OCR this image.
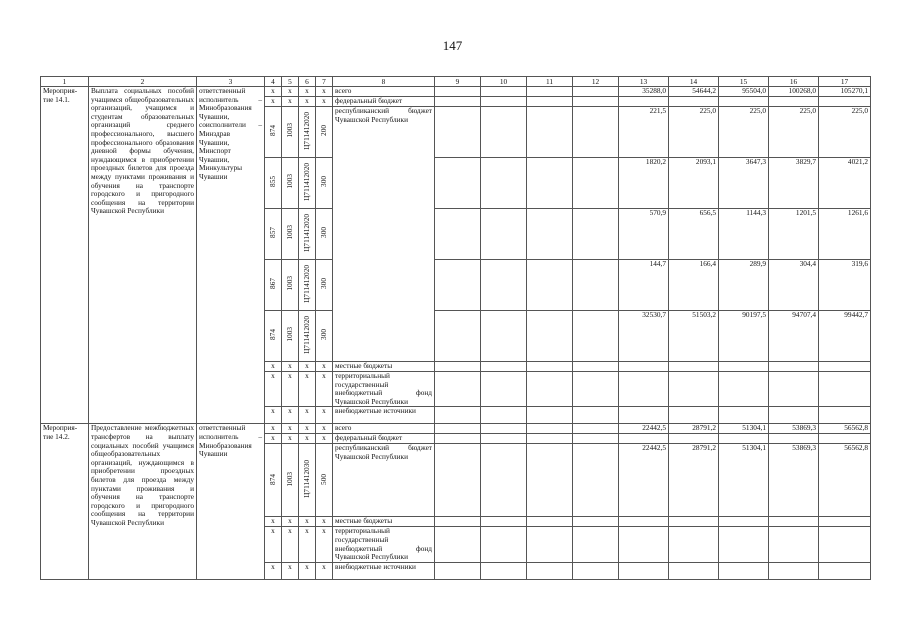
147
1	2	3	4	5	6	7	8	9	10	11	12	13	14	15	16	17
Мероприя-тие 14.1.	Выплата социальных пособий учащимся общеобразовательных организаций, учащимся и студентам образовательных организаций среднего профессионального, высшего профессионального образования дневной формы обучения, нуждающимся в приобретении проездных билетов для проезда между пунктами проживания и обучения на транспорте городского и пригородного сообщения на территории Чувашской Республики	ответственный исполнитель – Минобразования Чувашии, соисполнители – Минздрав Чувашии, Минспорт Чувашии, Минкультуры Чувашии	x	x	x	x	всего					35288,0	54644,2	95504,0	100268,0	105270,1
			x	x	x	x	федеральный бюджет									
			874	1003	Ц711412020	200	республиканский бюджет Чувашской Республики					221,5	225,0	225,0	225,0	225,0
			855	1003	Ц711412020	300						1820,2	2093,1	3647,3	3829,7	4021,2
			857	1003	Ц711412020	300						570,9	656,5	1144,3	1201,5	1261,6
			867	1003	Ц711412020	300						144,7	166,4	289,9	304,4	319,6
			874	1003	Ц711412020	300						32530,7	51503,2	90197,5	94707,4	99442,7
			x	x	x	x	местные бюджеты									
			x	x	x	x	территориальный государственный внебюджетный фонд Чувашской Республики									
			x	x	x	x	внебюджетные источники									
Мероприя-тие 14.2.	Предоставление межбюджетных трансфертов на выплату социальных пособий учащимся общеобразовательных организаций, нуждающимся в приобретении проездных билетов для проезда между пунктами проживания и обучения на транспорте городского и пригородного сообщения на территории Чувашской Республики	ответственный исполнитель – Минобразования Чувашии	x	x	x	x	всего					22442,5	28791,2	51304,1	53869,3	56562,8
			x	x	x	x	федеральный бюджет									
			874	1003	Ц711412030	500	республиканский бюджет Чувашской Республики					22442,5	28791,2	51304,1	53869,3	56562,8
			x	x	x	x	местные бюджеты									
			x	x	x	x	территориальный государственный внебюджетный фонд Чувашской Республики									
			x	x	x	x	внебюджетные источники									
